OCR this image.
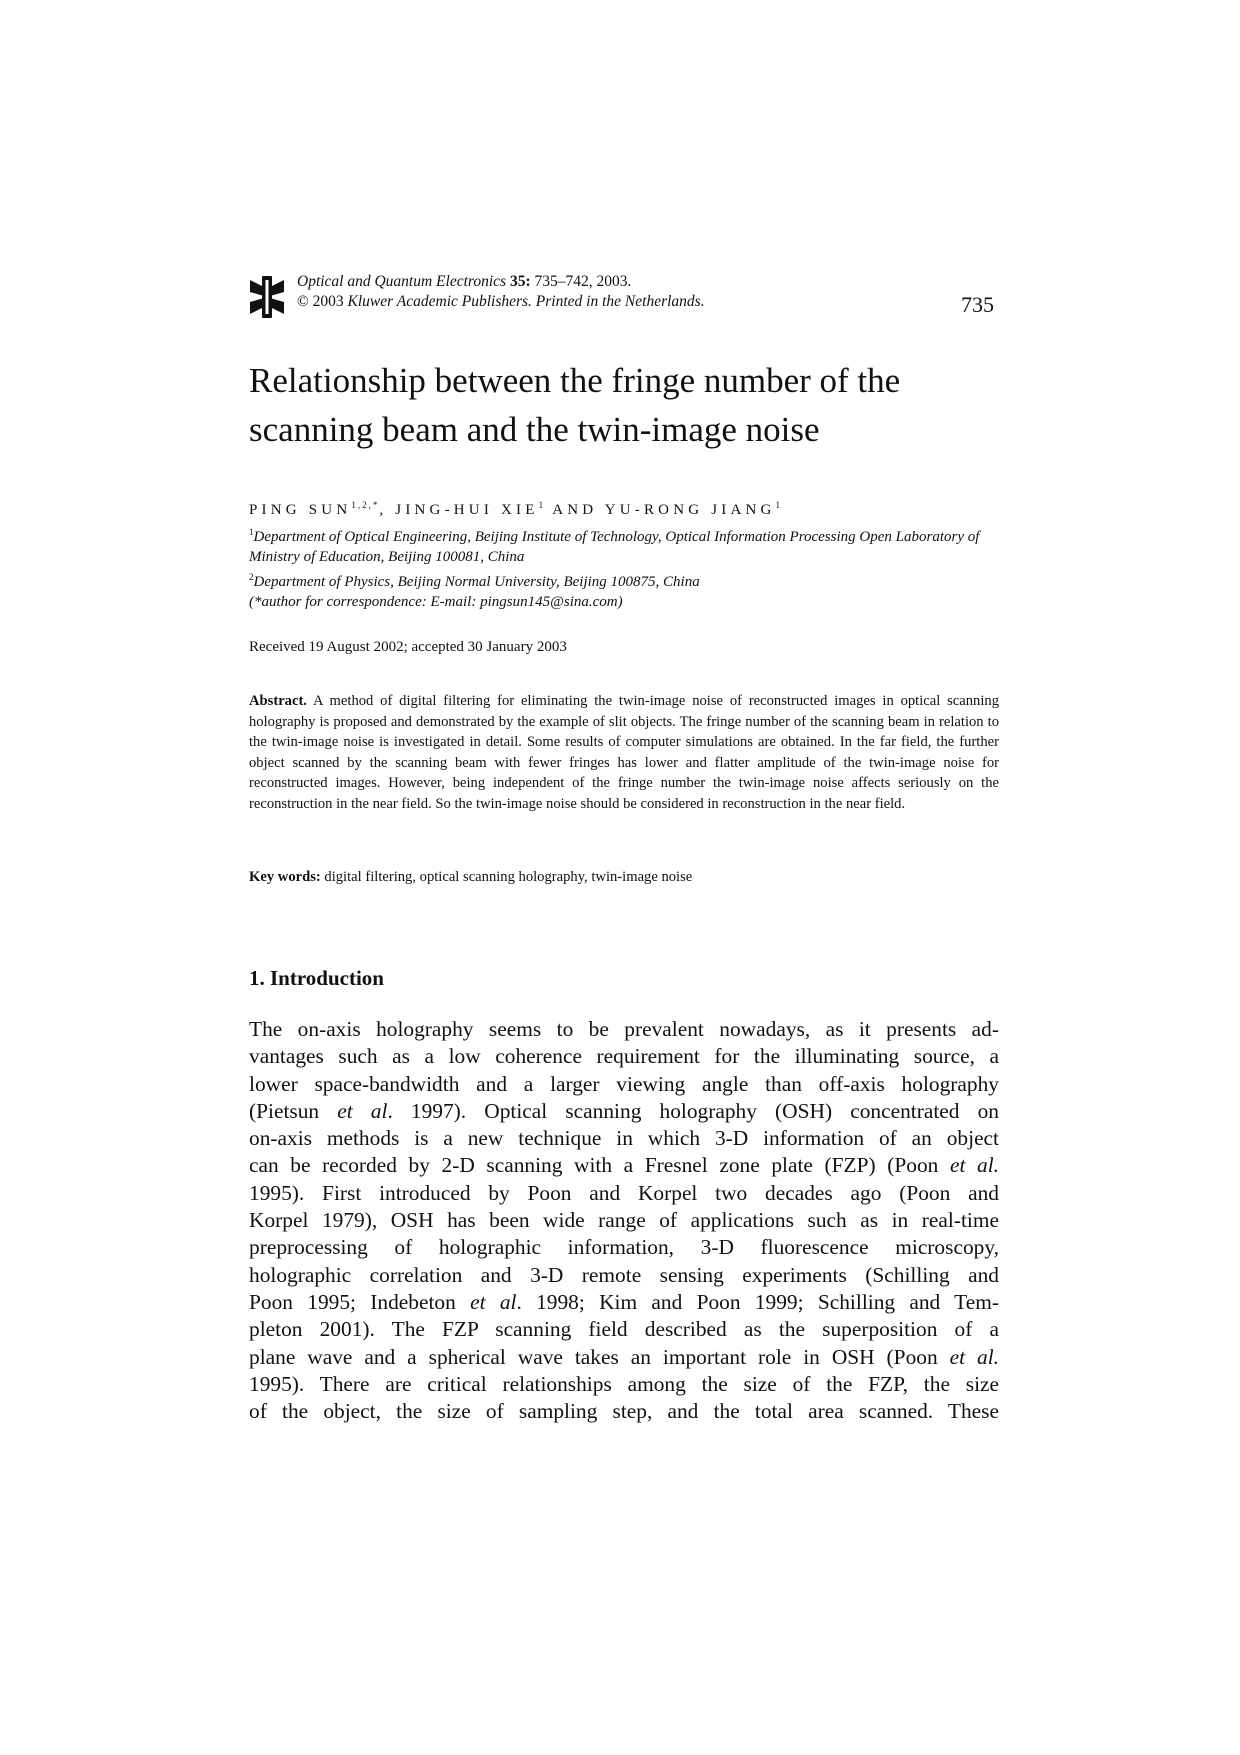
Optical and Quantum Electronics 35: 735–742, 2003.
© 2003 Kluwer Academic Publishers. Printed in the Netherlands.	735
Relationship between the fringe number of the
scanning beam and the twin-image noise
PING $SUN^{1,2,*}$, JING-HUI XIE$^1$ AND YU-RONG JIANG$^1$
$^1$Department of Optical Engineering, Beijing Institute of Technology, Optical Information Processing Open Laboratory of Ministry of Education, Beijing 100081, China
$^2$Department of Physics, Beijing Normal University, Beijing 100875, China
(*author for correspondence: E-mail: pingsun145@sina.com)
Received 19 August 2002; accepted 30 January 2003
Abstract. A method of digital filtering for eliminating the twin-image noise of reconstructed images in optical scanning holography is proposed and demonstrated by the example of slit objects. The fringe number of the scanning beam in relation to the twin-image noise is investigated in detail. Some results of computer simulations are obtained. In the far field, the further object scanned by the scanning beam with fewer fringes has lower and flatter amplitude of the twin-image noise for reconstructed images. However, being independent of the fringe number the twin-image noise affects seriously on the reconstruction in the near field. So the twin-image noise should be considered in reconstruction in the near field.
Key words: digital filtering, optical scanning holography, twin-image noise
1. Introduction
The on-axis holography seems to be prevalent nowadays, as it presents ad-
vantages such as a low coherence requirement for the illuminating source, a
lower space-bandwidth and a larger viewing angle than off-axis holography
(Pietsun et al. 1997). Optical scanning holography (OSH) concentrated on
on-axis methods is a new technique in which 3-D information of an object
can be recorded by 2-D scanning with a Fresnel zone plate (FZP) (Poon et al.
1995). First introduced by Poon and Korpel two decades ago (Poon and
Korpel 1979), OSH has been wide range of applications such as in real-time
preprocessing of holographic information, 3-D fluorescence microscopy,
holographic correlation and 3-D remote sensing experiments (Schilling and
Poon 1995; Indebeton et al. 1998; Kim and Poon 1999; Schilling and Tem-
pleton 2001). The FZP scanning field described as the superposition of a
plane wave and a spherical wave takes an important role in OSH (Poon et al.
1995). There are critical relationships among the size of the FZP, the size
of the object, the size of sampling step, and the total area scanned. These
